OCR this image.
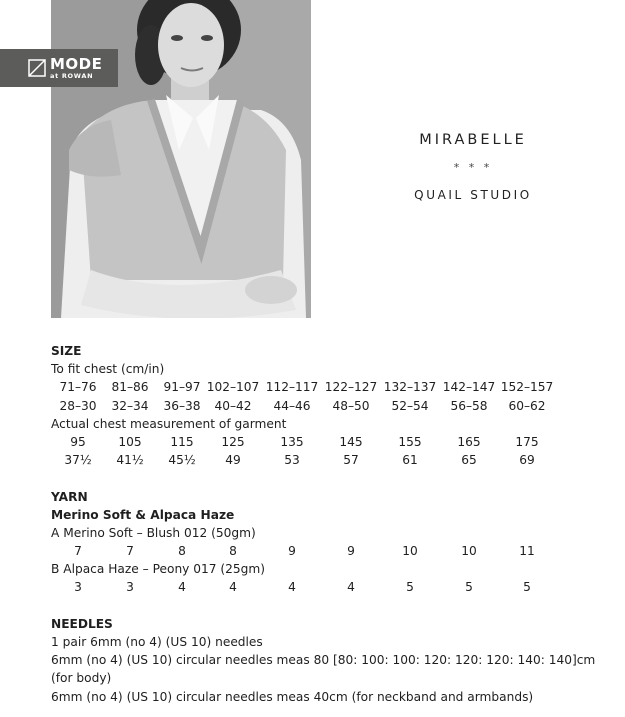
MODE
at ROWAN
MIRABELLE
* * *
QUAIL STUDIO
SIZE
To fit chest (cm/in)
71–76	81–86	91–97 102–107 112–117 122–127 132–137 142–147 152–157
28–30	32–34	36–38	40–42	44–46	48–50	52–54	56–58	60–62
Actual chest measurement of garment
95	105	115	125	135	145	155	165	175
37½	41½	45½	49	53	57	61	65	69
YARN
Merino Soft & Alpaca Haze
A Merino Soft – Blush 012 (50gm)
7	7	8	8	9	9	10	10	11
B Alpaca Haze – Peony 017 (25gm)
3	3	4	4	4	4	5	5	5
NEEDLES
1 pair 6mm (no 4) (US 10) needles
6mm (no 4) (US 10) circular needles meas 80 [80: 100: 100: 120: 120: 120: 140: 140]cm
(for body)
6mm (no 4) (US 10) circular needles meas 40cm (for neckband and armbands)
